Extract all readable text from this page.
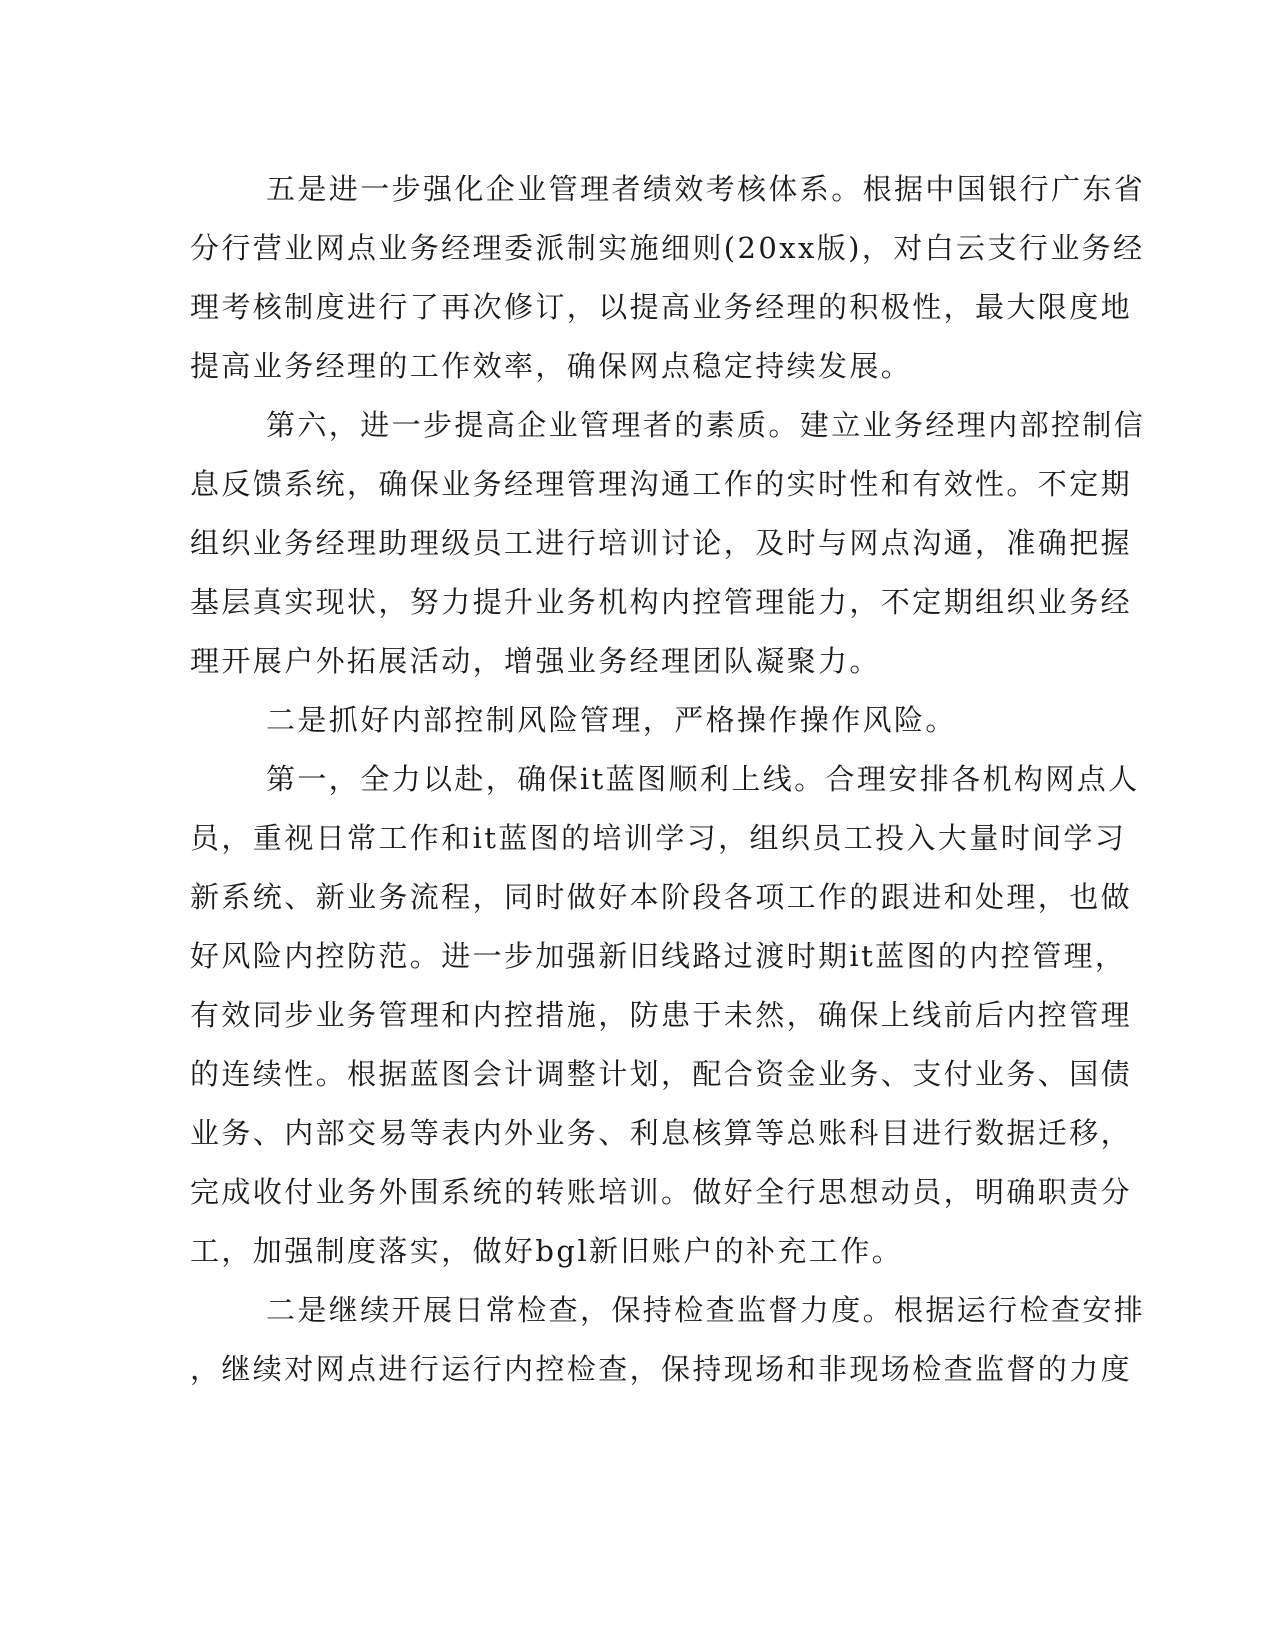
五是进一步强化企业管理者绩效考核体系。根据中国银行广东省
分行营业网点业务经理委派制实施细则(20xx版)，对白云支行业务经
理考核制度进行了再次修订，以提高业务经理的积极性，最大限度地
提高业务经理的工作效率，确保网点稳定持续发展。
第六，进一步提高企业管理者的素质。建立业务经理内部控制信
息反馈系统，确保业务经理管理沟通工作的实时性和有效性。不定期
组织业务经理助理级员工进行培训讨论，及时与网点沟通，准确把握
基层真实现状，努力提升业务机构内控管理能力，不定期组织业务经
理开展户外拓展活动，增强业务经理团队凝聚力。
二是抓好内部控制风险管理，严格操作操作风险。
第一，全力以赴，确保it蓝图顺利上线。合理安排各机构网点人
员，重视日常工作和it蓝图的培训学习，组织员工投入大量时间学习
新系统、新业务流程，同时做好本阶段各项工作的跟进和处理，也做
好风险内控防范。进一步加强新旧线路过渡时期it蓝图的内控管理，
有效同步业务管理和内控措施，防患于未然，确保上线前后内控管理
的连续性。根据蓝图会计调整计划，配合资金业务、支付业务、国债
业务、内部交易等表内外业务、利息核算等总账科目进行数据迁移，
完成收付业务外围系统的转账培训。做好全行思想动员，明确职责分
工，加强制度落实，做好bgl新旧账户的补充工作。
二是继续开展日常检查，保持检查监督力度。根据运行检查安排
，继续对网点进行运行内控检查，保持现场和非现场检查监督的力度
